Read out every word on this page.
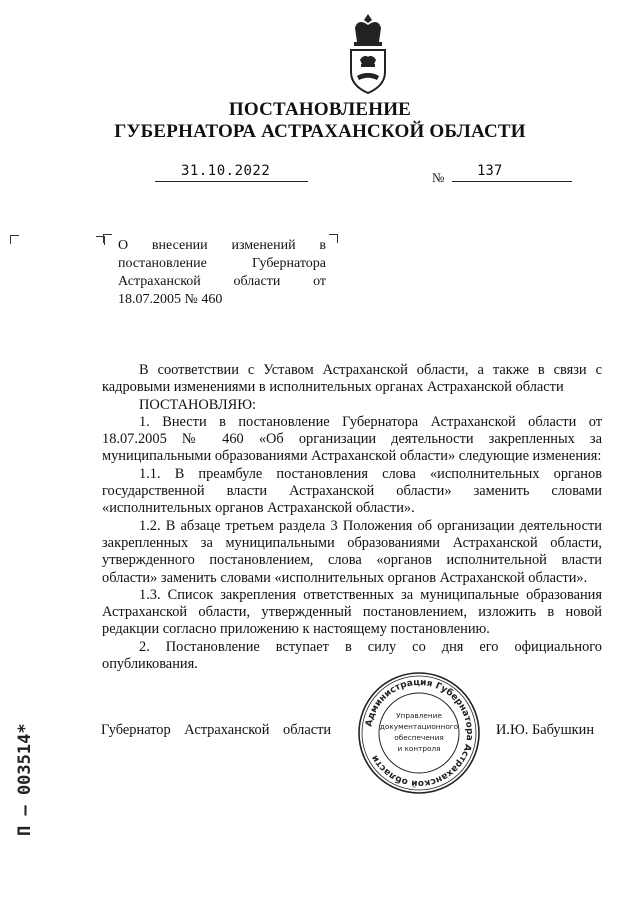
ПОСТАНОВЛЕНИЕ
ГУБЕРНАТОРА АСТРАХАНСКОЙ ОБЛАСТИ
31.10.2022	№ 137
О внесении изменений в постановление Губернатора Астраханской области от 18.07.2005 № 460

В соответствии с Уставом Астраханской области, а также в связи с кадровыми изменениями в исполнительных органах Астраханской области

ПОСТАНОВЛЯЮ:

1. Внести в постановление Губернатора Астраханской области от 18.07.2005 № 460 «Об организации деятельности закрепленных за муниципальными образованиями Астраханской области» следующие изменения:

1.1. В преамбуле постановления слова «исполнительных органов государственной власти Астраханской области» заменить словами «исполнительных органов Астраханской области».

1.2. В абзаце третьем раздела 3 Положения об организации деятельности закрепленных за муниципальными образованиями Астраханской области, утвержденного постановлением, слова «органов исполнительной власти области» заменить словами «исполнительных органов Астраханской области».

1.3. Список закрепления ответственных за муниципальные образования Астраханской области, утвержденный постановлением, изложить в новой редакции согласно приложению к настоящему постановлению.

2. Постановление вступает в силу со дня его официального опубликования.

Губернатор Астраханской области	И.Ю. Бабушкин
Администрация Губернатора Астраханской области
Управление
документационного
обеспечения
и контроля
П – 003514*
